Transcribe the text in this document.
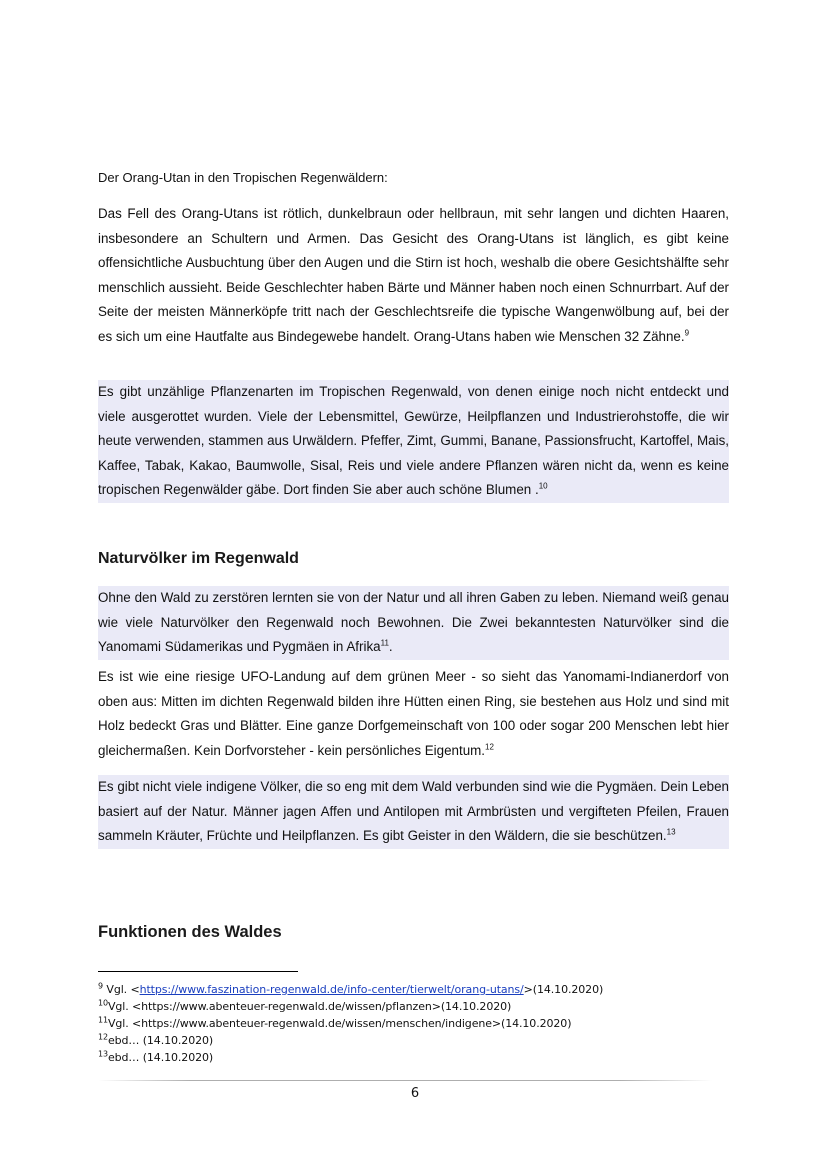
Der Orang-Utan in den Tropischen Regenwäldern:

Das Fell des Orang-Utans ist rötlich, dunkelbraun oder hellbraun, mit sehr langen und dichten Haaren, insbesondere an Schultern und Armen. Das Gesicht des Orang-Utans ist länglich, es gibt keine offensichtliche Ausbuchtung über den Augen und die Stirn ist hoch, weshalb die obere Gesichtshälfte sehr menschlich aussieht. Beide Geschlechter haben Bärte und Männer haben noch einen Schnurrbart. Auf der Seite der meisten Männerköpfe tritt nach der Geschlechtsreife die typische Wangenwölbung auf, bei der es sich um eine Hautfalte aus Bindegewebe handelt. Orang-Utans haben wie Menschen 32 Zähne.$^9$

Es gibt unzählige Pflanzenarten im Tropischen Regenwald, von denen einige noch nicht entdeckt und viele ausgerottet wurden. Viele der Lebensmittel, Gewürze, Heilpflanzen und Industrierohstoffe, die wir heute verwenden, stammen aus Urwäldern. Pfeffer, Zimt, Gummi, Banane, Passionsfrucht, Kartoffel, Mais, Kaffee, Tabak, Kakao, Baumwolle, Sisal, Reis und viele andere Pflanzen wären nicht da, wenn es keine tropischen Regenwälder gäbe. Dort finden Sie aber auch schöne Blumen .$^{10}$

Naturvölker im Regenwald

Ohne den Wald zu zerstören lernten sie von der Natur und all ihren Gaben zu leben. Niemand weiß genau wie viele Naturvölker den Regenwald noch Bewohnen. Die Zwei bekanntesten Naturvölker sind die Yanomami Südamerikas und Pygmäen in Afrika$^{11}$.

Es ist wie eine riesige UFO-Landung auf dem grünen Meer - so sieht das Yanomami-Indianerdorf von oben aus: Mitten im dichten Regenwald bilden ihre Hütten einen Ring, sie bestehen aus Holz und sind mit Holz bedeckt Gras und Blätter. Eine ganze Dorfgemeinschaft von 100 oder sogar 200 Menschen lebt hier gleichermaßen. Kein Dorfvorsteher - kein persönliches Eigentum.$^{12}$

Es gibt nicht viele indigene Völker, die so eng mit dem Wald verbunden sind wie die Pygmäen. Dein Leben basiert auf der Natur. Männer jagen Affen und Antilopen mit Armbrüsten und vergifteten Pfeilen, Frauen sammeln Kräuter, Früchte und Heilpflanzen. Es gibt Geister in den Wäldern, die sie beschützen.$^{13}$

Funktionen des Waldes

$^9$ Vgl. <https://www.faszination-regenwald.de/info-center/tierwelt/orang-utans/>(14.10.2020)

$^{10}$Vgl. <https://www.abenteuer-regenwald.de/wissen/pflanzen>(14.10.2020)

$^{11}$Vgl. <https://www.abenteuer-regenwald.de/wissen/menschen/indigene>(14.10.2020)

$^{12}$ebd… (14.10.2020)

$^{13}$ebd… (14.10.2020)

6
